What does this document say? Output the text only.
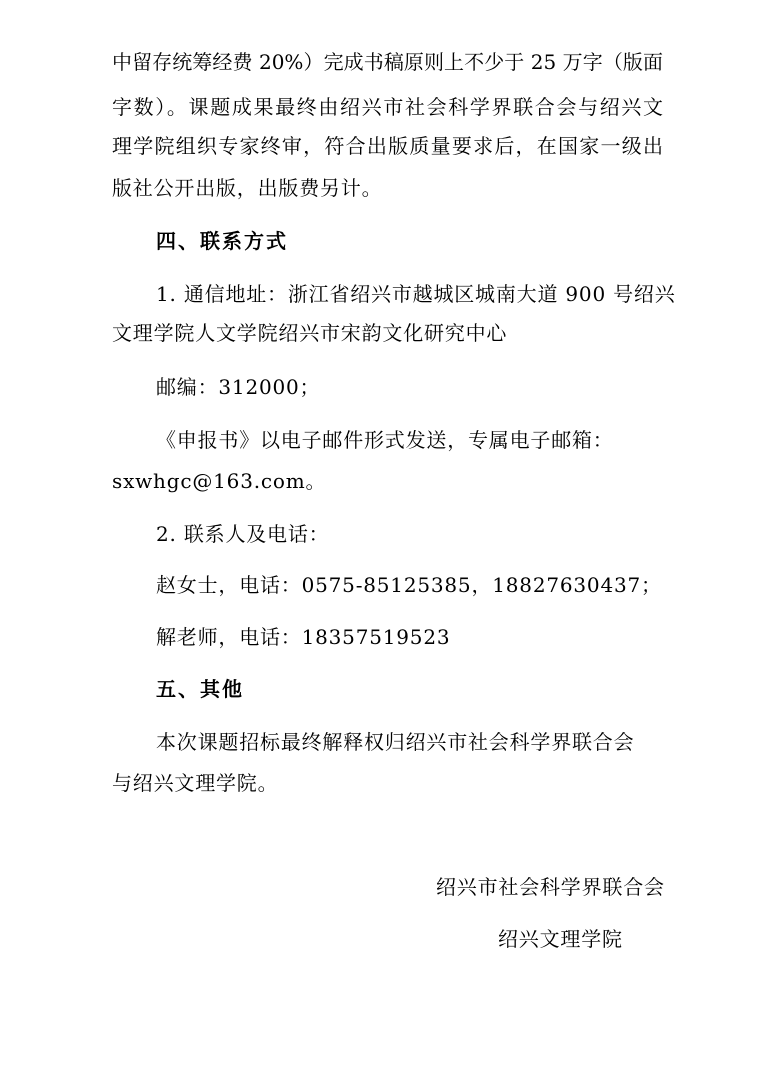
中留存统筹经费 20%）完成书稿原则上不少于 25 万字（版面
字数）。课题成果最终由绍兴市社会科学界联合会与绍兴文
理学院组织专家终审，符合出版质量要求后，在国家一级出
版社公开出版，出版费另计。
四、联系方式
1. 通信地址：浙江省绍兴市越城区城南大道 900 号绍兴
文理学院人文学院绍兴市宋韵文化研究中心
邮编：312000；
《申报书》以电子邮件形式发送，专属电子邮箱：
sxwhgc@163.com。
2. 联系人及电话：
赵女士，电话：0575-85125385，18827630437；
解老师，电话：18357519523
五、其他
本次课题招标最终解释权归绍兴市社会科学界联合会
与绍兴文理学院。
绍兴市社会科学界联合会
绍兴文理学院
